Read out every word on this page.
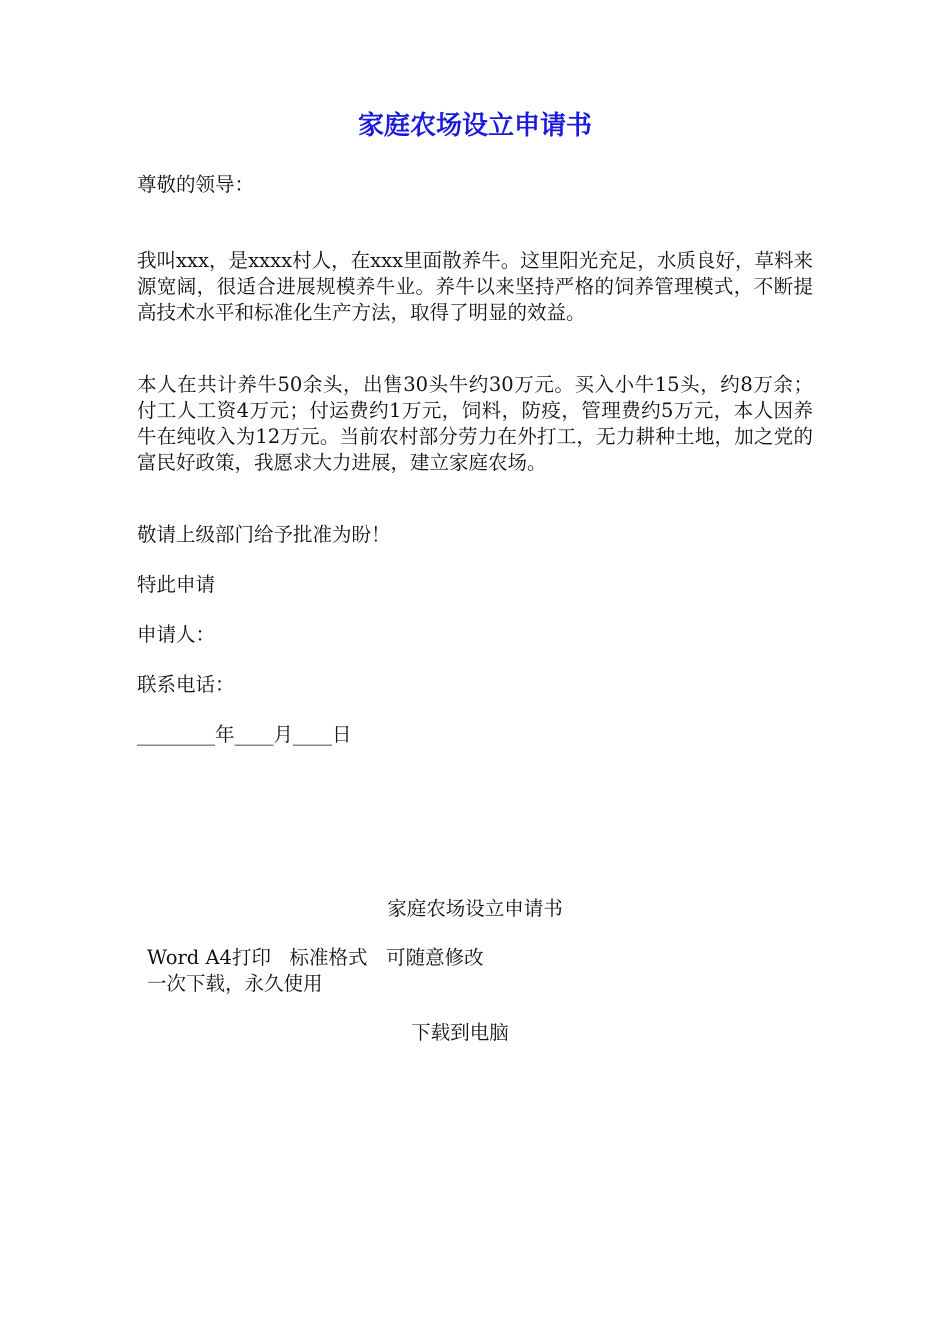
家庭农场设立申请书

尊敬的领导：

我叫xxx，是xxxx村人，在xxx里面散养牛。这里阳光充足，水质良好，草料来源宽阔，很适合进展规模养牛业。养牛以来坚持严格的饲养管理模式，不断提高技术水平和标准化生产方法，取得了明显的效益。

本人在共计养牛50余头，出售30头牛约30万元。买入小牛15头，约8万余；付工人工资4万元；付运费约1万元，饲料，防疫，管理费约5万元，本人因养牛在纯收入为12万元。当前农村部分劳力在外打工，无力耕种土地，加之党的富民好政策，我愿求大力进展，建立家庭农场。

敬请上级部门给予批准为盼！

特此申请

申请人：

联系电话：

________年____月____日

家庭农场设立申请书

Word A4打印   标准格式   可随意修改
一次下载，永久使用

下载到电脑
